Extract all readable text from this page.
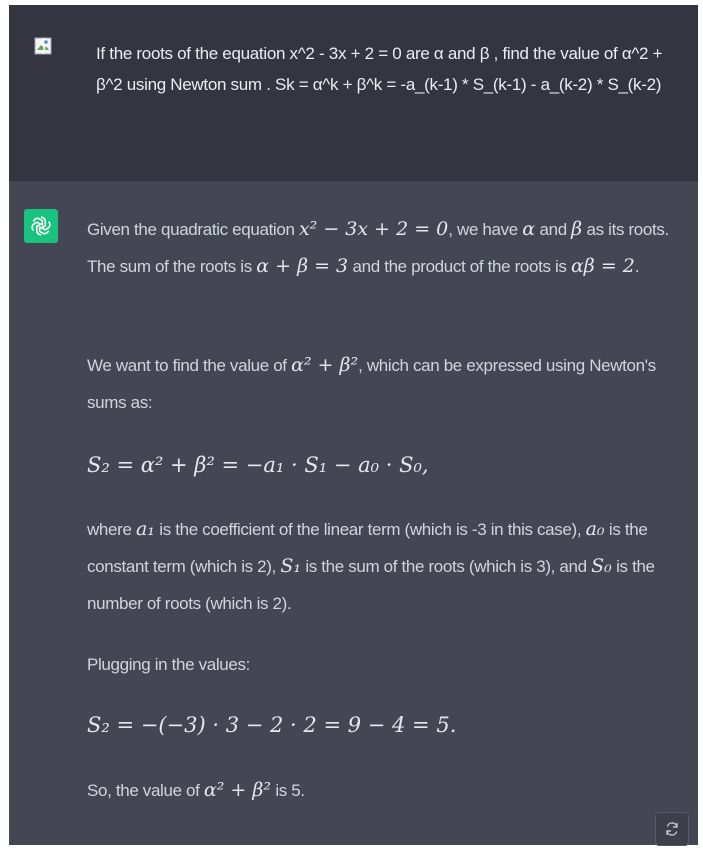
If the roots of the equation x^2 - 3x + 2 = 0 are α and β , find the value of α^2 + β^2 using Newton sum . Sk = α^k + β^k = -a_(k-1) * S_(k-1) - a_(k-2) * S_(k-2)
Given the quadratic equation x² − 3x + 2 = 0, we have α and β as its roots. The sum of the roots is α + β = 3 and the product of the roots is αβ = 2.
We want to find the value of α² + β², which can be expressed using Newton's sums as:
S₂ = α² + β² = −a₁ · S₁ − a₀ · S₀,
where a₁ is the coefficient of the linear term (which is -3 in this case), a₀ is the constant term (which is 2), S₁ is the sum of the roots (which is 3), and S₀ is the number of roots (which is 2).
Plugging in the values:
S₂ = −(−3) · 3 − 2 · 2 = 9 − 4 = 5.
So, the value of α² + β² is 5.
